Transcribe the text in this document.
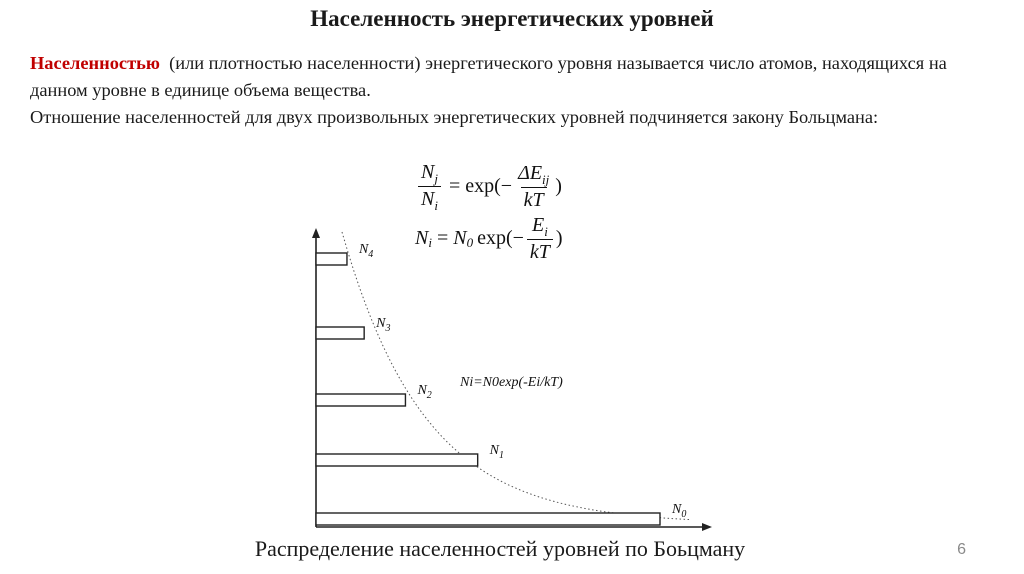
Населенность энергетических уровней
Населенностью  (или плотностью населенности) энергетического уровня называется число атомов, находящихся на данном уровне в единице объема вещества.
Отношение населенностей для двух произвольных энергетических уровней подчиняется закону Больцмана:
$\frac{N_j}{N_i} = \exp(- \frac{\Delta E_{ij}}{kT}$ )
N i = N 0 $\exp(- \frac{E_i}{kT}$ )
$N_0$
$N_1$
$N_2$
$N_3$
$N_4$
Ni=N0exp(-Ei/kT)
Распределение населенностей уровней по Боьцману	6
